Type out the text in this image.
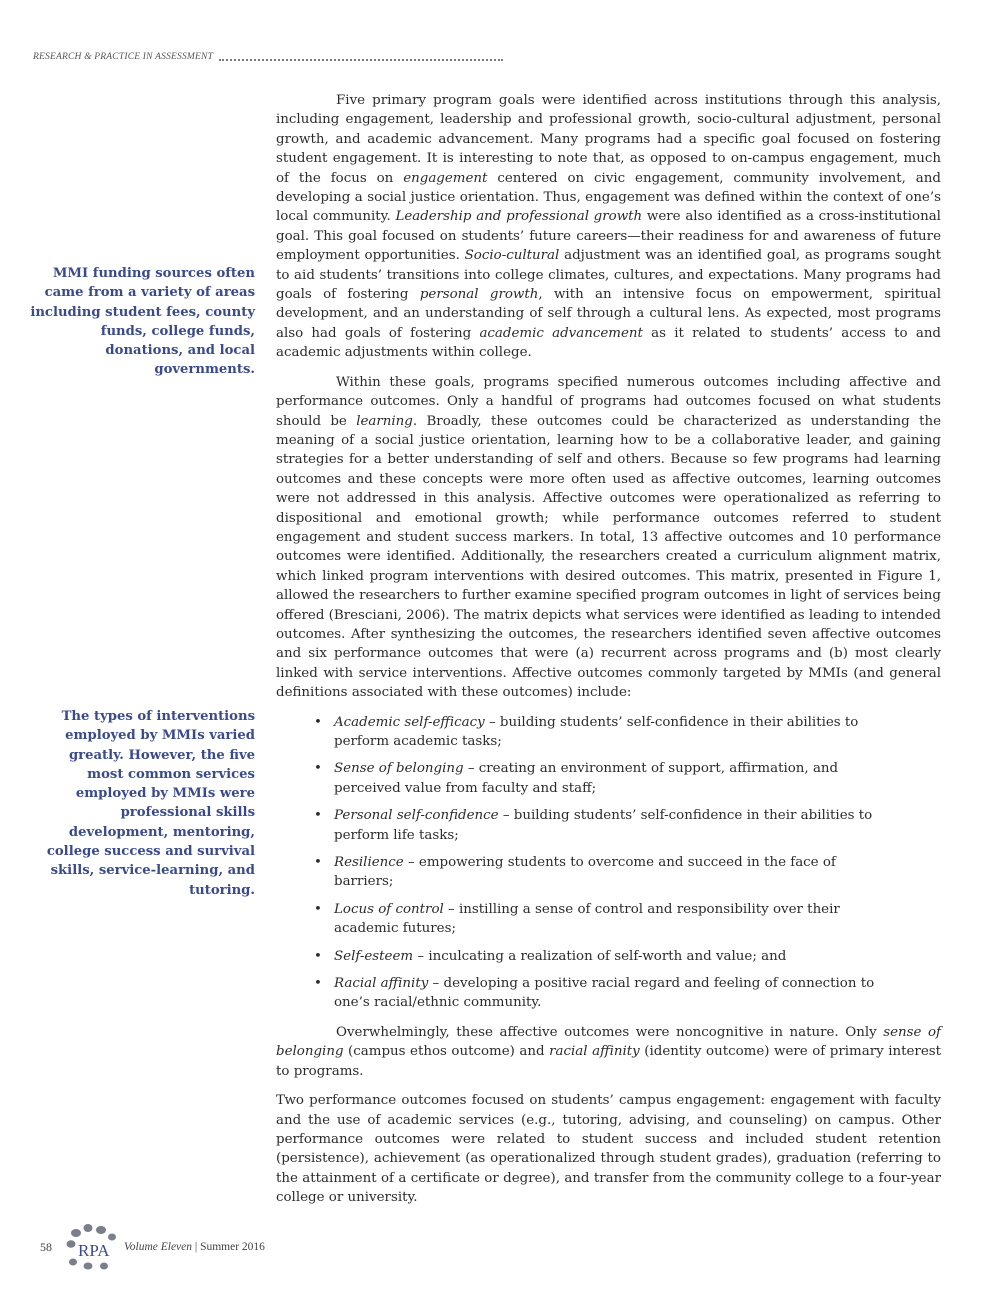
RESEARCH & PRACTICE IN ASSESSMENT
MMI funding sources often came from a variety of areas including student fees, county funds, college funds, donations, and local governments.
The types of interventions employed by MMIs varied greatly. However, the five most common services employed by MMIs were professional skills development, mentoring, college success and survival skills, service-learning, and tutoring.

Five primary program goals were identified across institutions through this analysis, including engagement, leadership and professional growth, socio-cultural adjustment, personal growth, and academic advancement. Many programs had a specific goal focused on fostering student engagement. It is interesting to note that, as opposed to on-campus engagement, much of the focus on engagement centered on civic engagement, community involvement, and developing a social justice orientation. Thus, engagement was defined within the context of one’s local community. Leadership and professional growth were also identified as a cross-institutional goal. This goal focused on students’ future careers—their readiness for and awareness of future employment opportunities. Socio-cultural adjustment was an identified goal, as programs sought to aid students’ transitions into college climates, cultures, and expectations. Many programs had goals of fostering personal growth, with an intensive focus on empowerment, spiritual development, and an understanding of self through a cultural lens. As expected, most programs also had goals of fostering academic advancement as it related to students’ access to and academic adjustments within college.

Within these goals, programs specified numerous outcomes including affective and performance outcomes. Only a handful of programs had outcomes focused on what students should be learning. Broadly, these outcomes could be characterized as understanding the meaning of a social justice orientation, learning how to be a collaborative leader, and gaining strategies for a better understanding of self and others. Because so few programs had learning outcomes and these concepts were more often used as affective outcomes, learning outcomes were not addressed in this analysis. Affective outcomes were operationalized as referring to dispositional and emotional growth; while performance outcomes referred to student engagement and student success markers. In total, 13 affective outcomes and 10 performance outcomes were identified. Additionally, the researchers created a curriculum alignment matrix, which linked program interventions with desired outcomes. This matrix, presented in Figure 1, allowed the researchers to further examine specified program outcomes in light of services being offered (Bresciani, 2006). The matrix depicts what services were identified as leading to intended outcomes. After synthesizing the outcomes, the researchers identified seven affective outcomes and six performance outcomes that were (a) recurrent across programs and (b) most clearly linked with service interventions. Affective outcomes commonly targeted by MMIs (and general definitions associated with these outcomes) include:

• Academic self-efficacy – building students’ self-confidence in their abilities to perform academic tasks;
• Sense of belonging – creating an environment of support, affirmation, and perceived value from faculty and staff;
• Personal self-confidence – building students’ self-confidence in their abilities to perform life tasks;
• Resilience – empowering students to overcome and succeed in the face of barriers;
• Locus of control – instilling a sense of control and responsibility over their academic futures;
• Self-esteem – inculcating a realization of self-worth and value; and
• Racial affinity – developing a positive racial regard and feeling of connection to one’s racial/ethnic community.

Overwhelmingly, these affective outcomes were noncognitive in nature. Only sense of belonging (campus ethos outcome) and racial affinity (identity outcome) were of primary interest to programs.

Two performance outcomes focused on students’ campus engagement: engagement with faculty and the use of academic services (e.g., tutoring, advising, and counseling) on campus. Other performance outcomes were related to student success and included student retention (persistence), achievement (as operationalized through student grades), graduation (referring to the attainment of a certificate or degree), and transfer from the community college to a four-year college or university.

58	RPA Volume Eleven | Summer 2016
